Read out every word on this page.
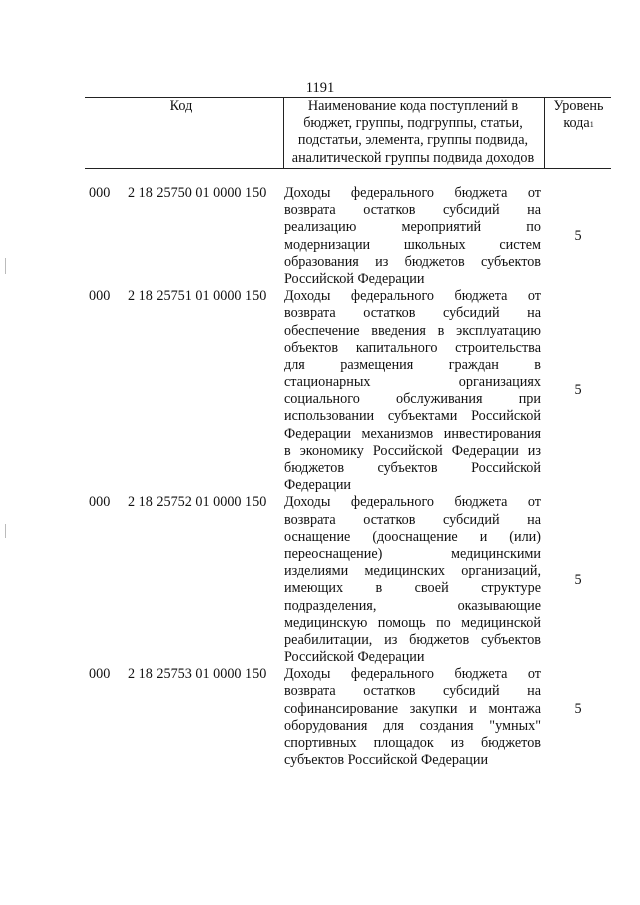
1191
Код	Наименование кода поступлений в
бюджет, группы, подгруппы, статьи,
подстатьи, элемента, группы подвида,
аналитической группы подвида доходов
Уровень
кода$^1$
000 2 18 25750 01 0000 150 Доходы федерального бюджета от
возврата остатков субсидий на
реализацию мероприятий по
модернизации школьных систем
образования из бюджетов субъектов
Российской Федерации
5
000 2 18 25751 01 0000 150 Доходы федерального бюджета от
возврата остатков субсидий на
обеспечение введения в эксплуатацию
объектов капитального строительства
для размещения граждан в
стационарных организациях
социального обслуживания при
использовании субъектами Российской
Федерации механизмов инвестирования
в экономику Российской Федерации из
бюджетов субъектов Российской
Федерации
5
000 2 18 25752 01 0000 150 Доходы федерального бюджета от
возврата остатков субсидий на
оснащение (дооснащение и (или)
переоснащение) медицинскими
изделиями медицинских организаций,
имеющих в своей структуре
подразделения, оказывающие
медицинскую помощь по медицинской
реабилитации, из бюджетов субъектов
Российской Федерации
5
000 2 18 25753 01 0000 150 Доходы федерального бюджета от
возврата остатков субсидий на
софинансирование закупки и монтажа
оборудования для создания "умных"
спортивных площадок из бюджетов
субъектов Российской Федерации
5
